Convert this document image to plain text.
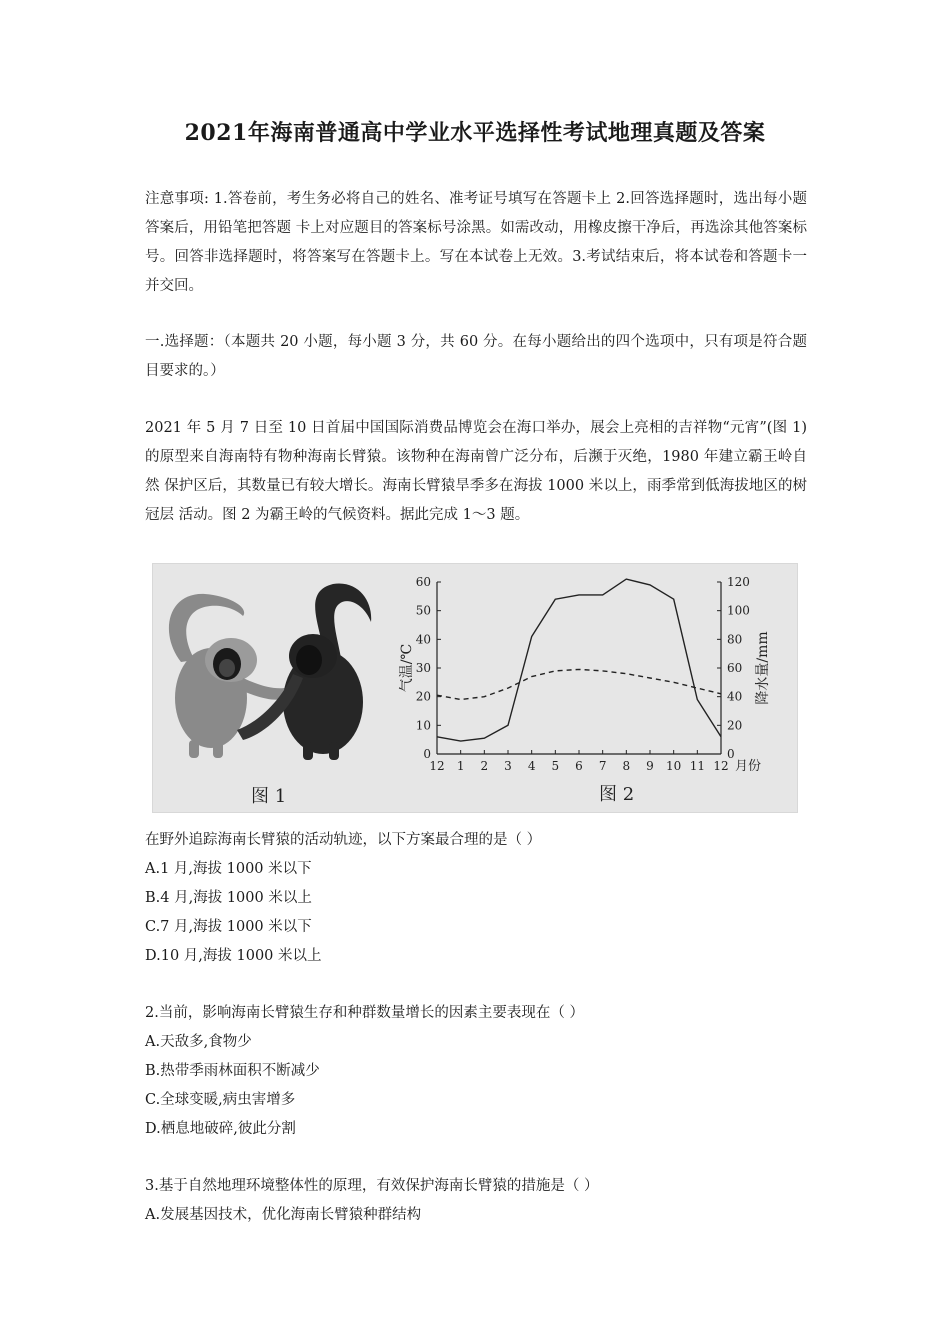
2021年海南普通高中学业水平选择性考试地理真题及答案

注意事项: 1.答卷前，考生务必将自己的姓名、准考证号填写在答题卡上 2.回答选择题时，选出每小题答案后，用铅笔把答题 卡上对应题目的答案标号涂黑。如需改动，用橡皮擦干净后，再选涂其他答案标号。回答非选择题时，将答案写在答题卡上。写在本试卷上无效。3.考试结束后，将本试卷和答题卡一并交回。

一.选择题：（本题共 20 小题，每小题 3 分，共 60 分。在每小题给出的四个选项中，只有项是符合题 目要求的。）

2021 年 5 月 7 日至 10 日首届中国国际消费品博览会在海口举办，展会上亮相的吉祥物“元宵”(图 1) 的原型来自海南特有物种海南长臂猿。该物种在海南曾广泛分布，后濒于灭绝，1980 年建立霸王岭自然 保护区后，其数量已有较大增长。海南长臂猿旱季多在海拔 1000 米以上，雨季常到低海拔地区的树冠层 活动。图 2 为霸王岭的气候资料。据此完成 1～3 题。

图 1
0
10
20
30
40
50
60
0
20
40
60
80
100
120
12 1 2 3 4 5 6 7 8 9 10 11 12 月份
气温/℃	降水量/mm
图 2
在野外追踪海南长臂猿的活动轨迹，以下方案最合理的是（ ）
A.1 月,海拔 1000 米以下
B.4 月,海拔 1000 米以上
C.7 月,海拔 1000 米以下
D.10 月,海拔 1000 米以上
2.当前，影响海南长臂猿生存和种群数量增长的因素主要表现在（ ）
A.天敌多,食物少
B.热带季雨林面积不断减少
C.全球变暖,病虫害增多
D.栖息地破碎,彼此分割
3.基于自然地理环境整体性的原理，有效保护海南长臂猿的措施是（ ）
A.发展基因技术，优化海南长臂猿种群结构
